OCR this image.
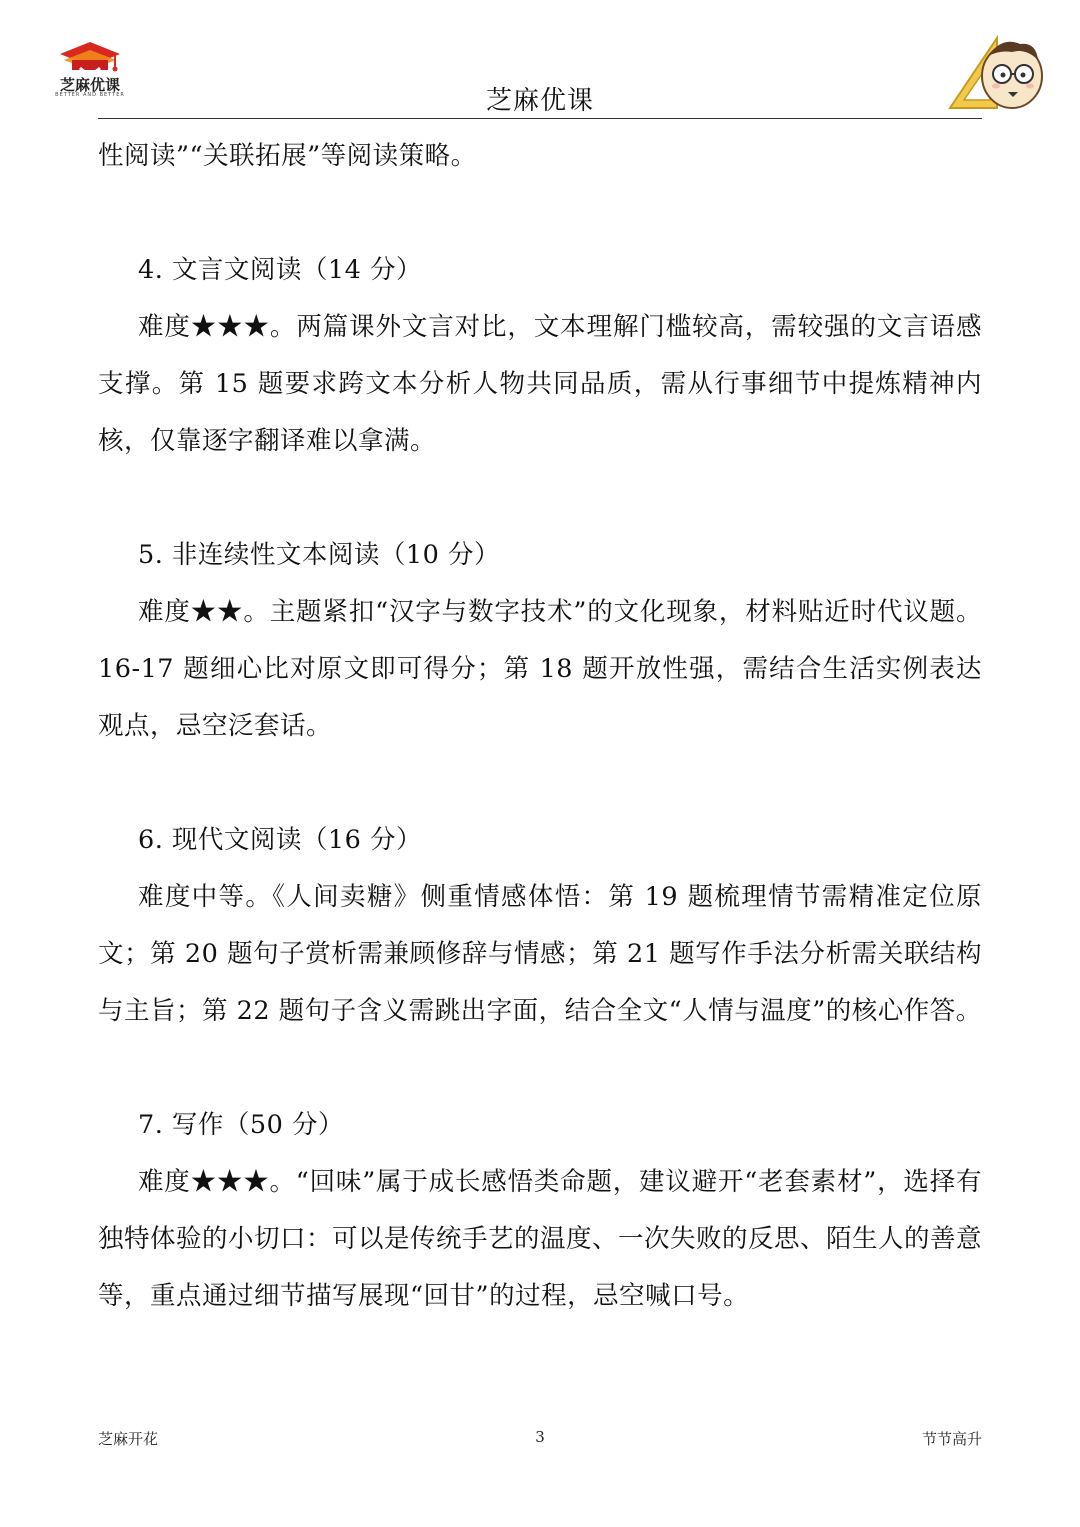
芝麻优课
BETTER AND BETTER	芝麻优课

性阅读”“关联拓展”等阅读策略。

4. 文言文阅读（14 分）

难度★★★。两篇课外文言对比，文本理解门槛较高，需较强的文言语感支撑。第 15 题要求跨文本分析人物共同品质，需从行事细节中提炼精神内核，仅靠逐字翻译难以拿满。

5. 非连续性文本阅读（10 分）

难度★★。主题紧扣“汉字与数字技术”的文化现象，材料贴近时代议题。16-17 题细心比对原文即可得分；第 18 题开放性强，需结合生活实例表达观点，忌空泛套话。

6. 现代文阅读（16 分）

难度中等。《人间卖糖》侧重情感体悟：第 19 题梳理情节需精准定位原文；第 20 题句子赏析需兼顾修辞与情感；第 21 题写作手法分析需关联结构与主旨；第 22 题句子含义需跳出字面，结合全文“人情与温度”的核心作答。

7. 写作（50 分）

难度★★★。“回味”属于成长感悟类命题，建议避开“老套素材”，选择有独特体验的小切口：可以是传统手艺的温度、一次失败的反思、陌生人的善意等，重点通过细节描写展现“回甘”的过程，忌空喊口号。

芝麻开花	3	节节高升
